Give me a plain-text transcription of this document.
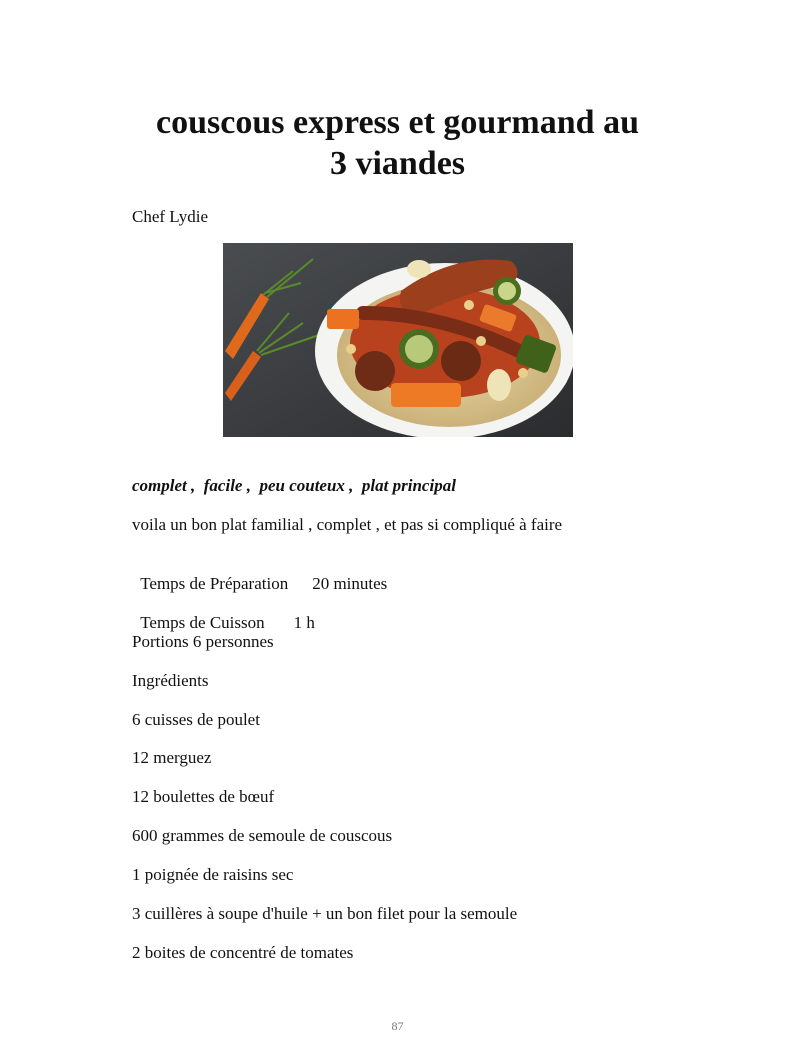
couscous express et gourmand au
3 viandes
Chef Lydie
complet ,  facile ,  peu couteux ,  plat principal
voila un bon plat familial , complet , et pas si compliqué à faire

Temps de Préparation 20 minutes

Temps de Cuisson 1 h

Portions 6 personnes
Ingrédients
6 cuisses de poulet
12 merguez
12 boulettes de bœuf
600 grammes de semoule de couscous
1 poignée de raisins sec
3 cuillères à soupe d'huile + un bon filet pour la semoule
2 boites de concentré de tomates
87
